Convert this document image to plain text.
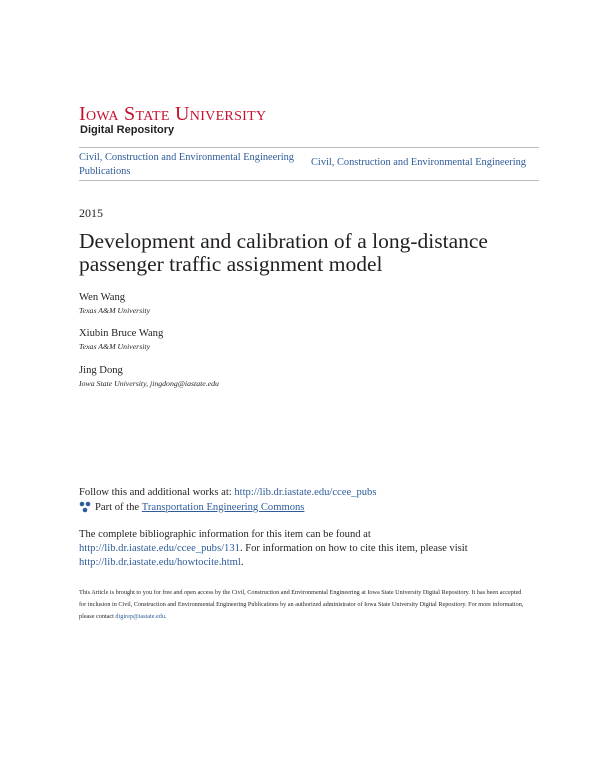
Iowa State University
Digital Repository
Civil, Construction and Environmental Engineering Publications
Civil, Construction and Environmental Engineering
2015
Development and calibration of a long-distance passenger traffic assignment model
Wen Wang
Texas A&M University
Xiubin Bruce Wang
Texas A&M University
Jing Dong
Iowa State University, jingdong@iastate.edu
Follow this and additional works at: http://lib.dr.iastate.edu/ccee_pubs
Part of the
Transportation Engineering Commons
The complete bibliographic information for this item can be found at http://lib.dr.iastate.edu/ccee_pubs/131. For information on how to cite this item, please visit http://lib.dr.iastate.edu/howtocite.html.
This Article is brought to you for free and open access by the Civil, Construction and Environmental Engineering at Iowa State University Digital Repository. It has been accepted for inclusion in Civil, Construction and Environmental Engineering Publications by an authorized administrator of Iowa State University Digital Repository. For more information, please contact digirep@iastate.edu.
